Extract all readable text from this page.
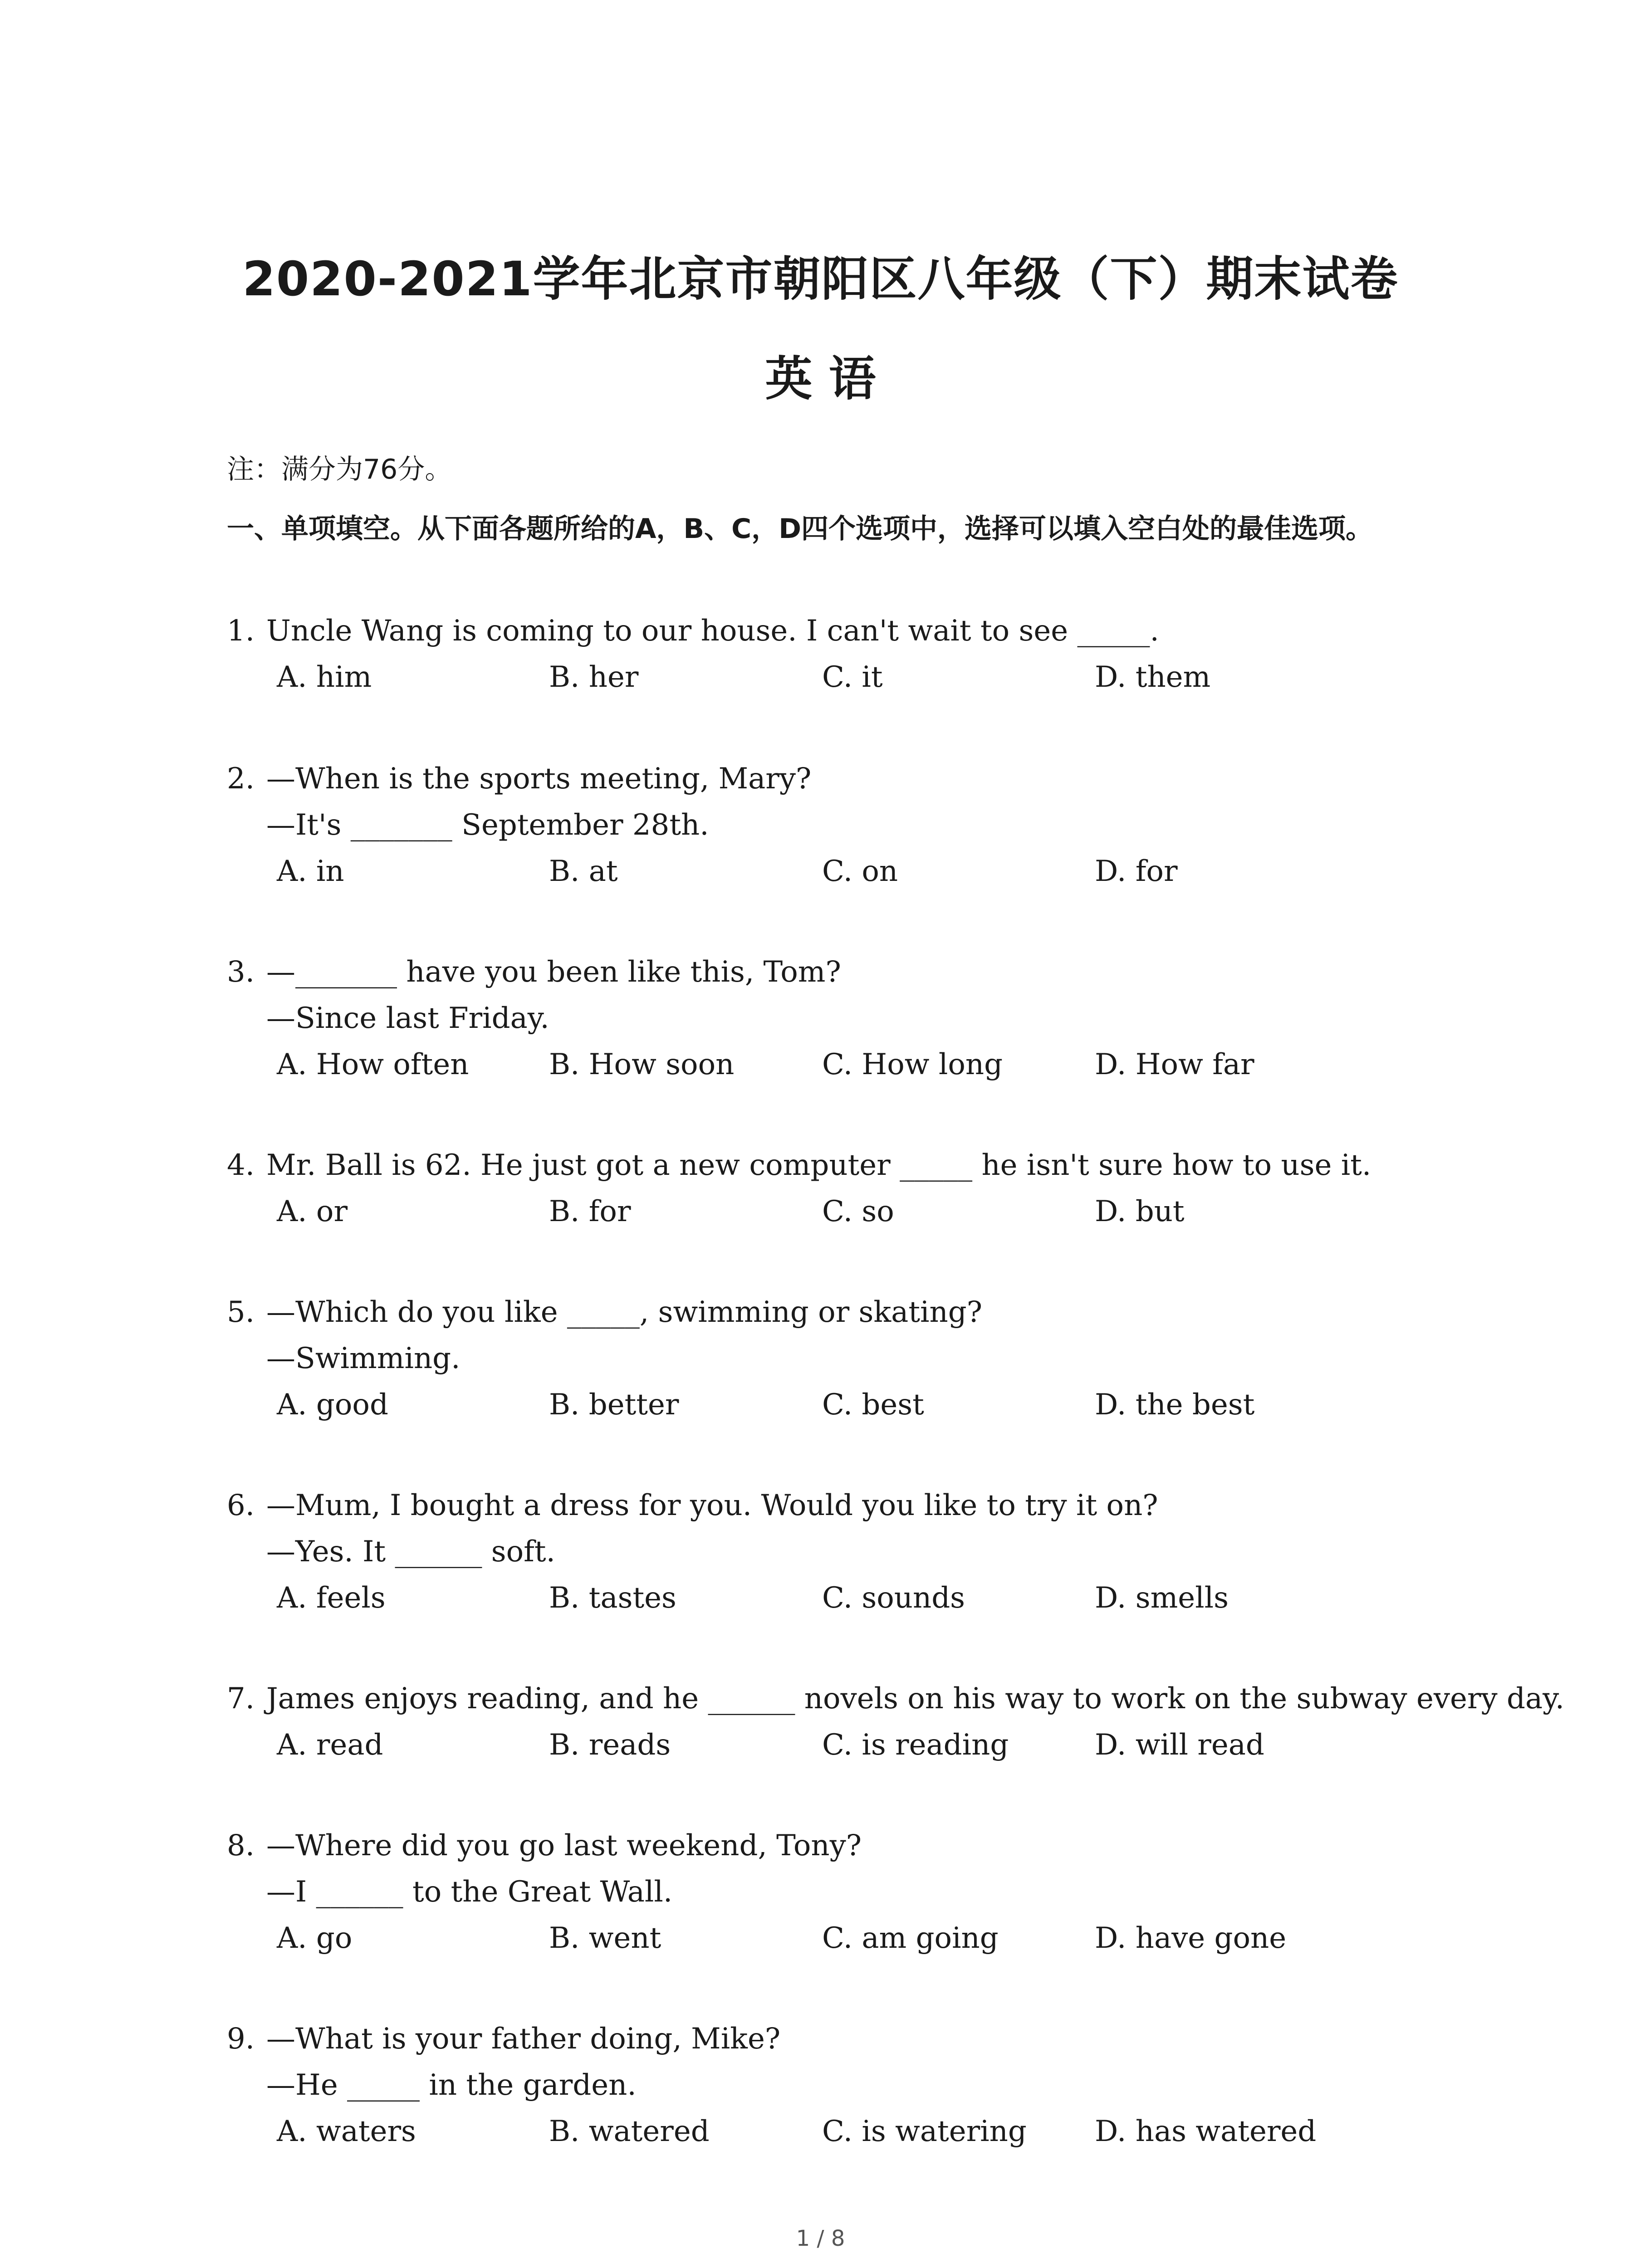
2020-2021学年北京市朝阳区八年级（下）期末试卷
英 语
注：满分为76分。
一、单项填空。从下面各题所给的A，B、C，D四个选项中，选择可以填入空白处的最佳选项。
1. Uncle Wang is coming to our house. I can't wait to see _____.
A. him	B. her	C. it	D. them
2. —When is the sports meeting, Mary?
—It's _______ September 28th.
A. in	B. at	C. on	D. for
3. —_______ have you been like this, Tom?
—Since last Friday.
A. How often	B. How soon	C. How long	D. How far
4. Mr. Ball is 62. He just got a new computer _____ he isn't sure how to use it.
A. or	B. for	C. so	D. but
5. —Which do you like _____, swimming or skating?
—Swimming.
A. good	B. better	C. best	D. the best
6. —Mum, I bought a dress for you. Would you like to try it on?
—Yes. It ______ soft.
A. feels	B. tastes	C. sounds	D. smells
7. James enjoys reading, and he ______ novels on his way to work on the subway every day.
A. read	B. reads	C. is reading	D. will read
8. —Where did you go last weekend, Tony?
—I ______ to the Great Wall.
A. go	B. went	C. am going	D. have gone
9. —What is your father doing, Mike?
—He _____ in the garden.
A. waters	B. watered	C. is watering D. has watered
1 / 8
